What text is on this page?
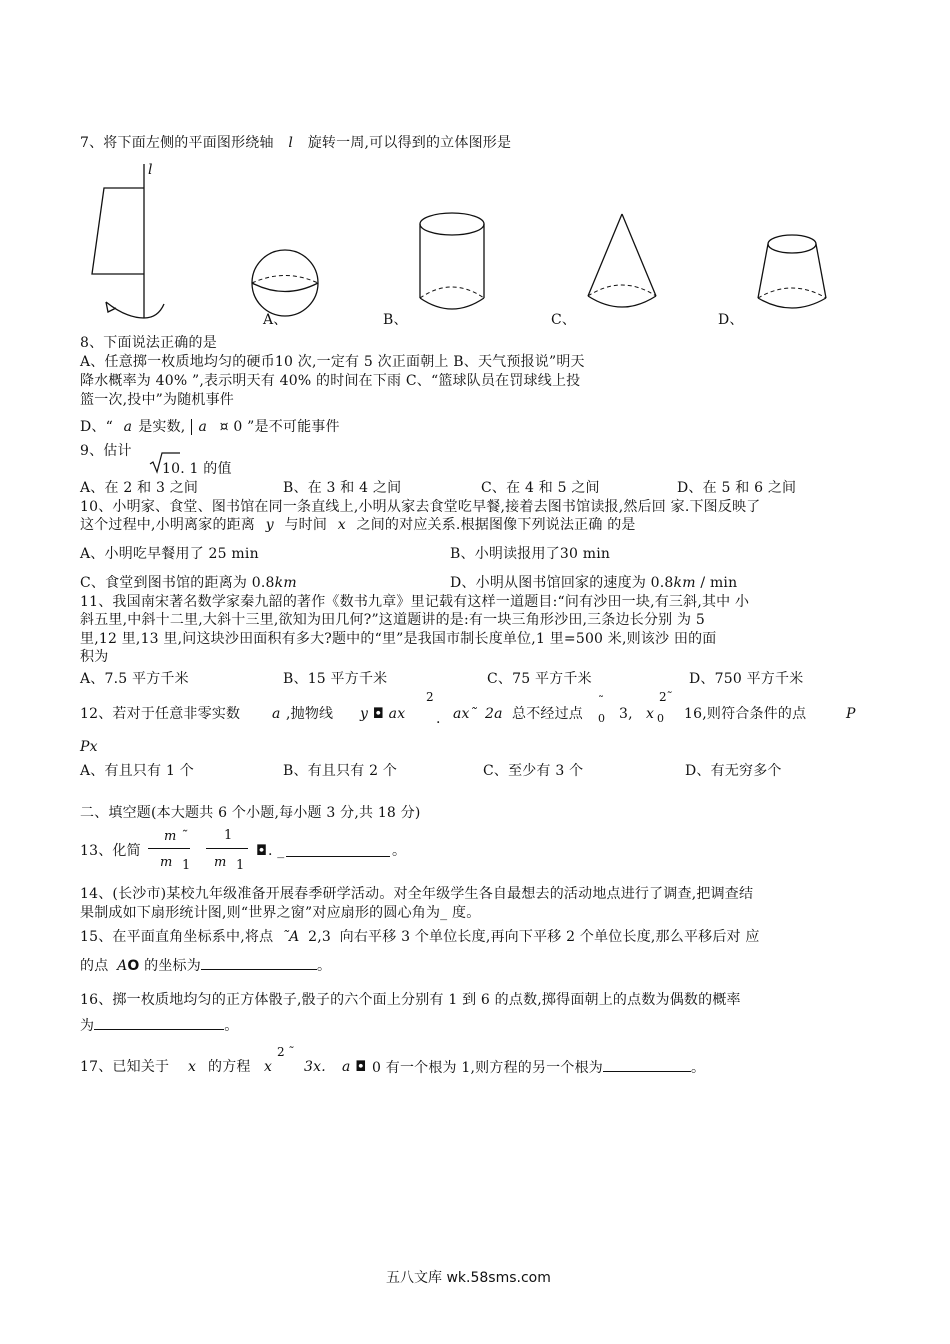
7、将下面左侧的平面图形绕轴 l 旋转一周,可以得到的立体图形是
l
A、	B、	C、	D、
8、下面说法正确的是
A、任意掷一枚质地均匀的硬币10 次,一定有 5 次正面朝上 B、天气预报说”明天
降水概率为 40% ”,表示明天有 40% 的时间在下雨 C、“篮球队员在罚球线上投
篮一次,投中”为随机事件
D、“ a 是实数, a ¤ 0 ”是不可能事件
9、估计
10. 1 的值
A、在 2 和 3 之间	B、在 3 和 4 之间	C、在 4 和 5 之间	D、在 5 和 6 之间
10、小明家、食堂、图书馆在同一条直线上,小明从家去食堂吃早餐,接着去图书馆读报,然后回 家.下图反映了
这个过程中,小明离家的距离 y 与时间 x 之间的对应关系.根据图像下列说法正确 的是
A、小明吃早餐用了 25 min	B、小明读报用了30 min
C、食堂到图书馆的距离为 0.8km	D、小明从图书馆回家的速度为 0.8km / min
11、我国南宋著名数学家秦九韶的著作《数书九章》里记载有这样一道题目:“问有沙田一块,有三斜,其中 小
斜五里,中斜十二里,大斜十三里,欲知为田几何?”这道题讲的是:有一块三角形沙田,三条边长分别 为 5
里,12 里,13 里,问这块沙田面积有多大?题中的“里”是我国市制长度单位,1 里=500 米,则该沙 田的面
积为
A、7.5 平方千米	B、15 平方千米	C、75 平方千米	D、750 平方千米
12、若对于任意非零实数 a ,抛物线 y ◘ ax
2
. ax˜ 2a 总不经过点
˜
0 3, x 0
2˜
16,则符合条件的点	P
Px
A、有且只有 1 个	B、有且只有 2 个	C、至少有 3 个	D、有无穷多个
二、填空题(本大题共 6 个小题,每小题 3 分,共 18 分)
13、化简
m ˜
m 1
1
m 1
◘ . _	。
14、(长沙市)某校九年级准备开展春季研学活动。对全年级学生各自最想去的活动地点进行了调查,把调查结
果制成如下扇形统计图,则“世界之窗”对应扇形的圆心角为_ 度。
15、在平面直角坐标系中,将点 ˜A 2,3 向右平移 3 个单位长度,再向下平移 2 个单位长度,那么平移后对 应
的点 AO 的坐标为	。
16、掷一枚质地均匀的正方体骰子,骰子的六个面上分别有 1 到 6 的点数,掷得面朝上的点数为偶数的概率
为	。
17、已知关于 x 的方程 x
2 ˜
3x. a ◘ 0 有一个根为 1,则方程的另一个根为	。
五八文库 wk.58sms.com
